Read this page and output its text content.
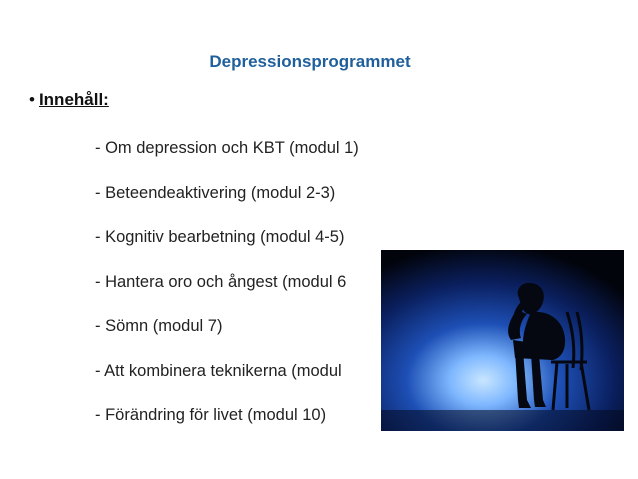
Depressionsprogrammet
• Innehåll:
- Om depression och KBT (modul 1)
- Beteendeaktivering (modul 2-3)
- Kognitiv bearbetning (modul 4-5)
- Hantera oro och ångest (modul 6
- Sömn (modul 7)
- Att kombinera teknikerna (modul
- Förändring för livet (modul 10)
